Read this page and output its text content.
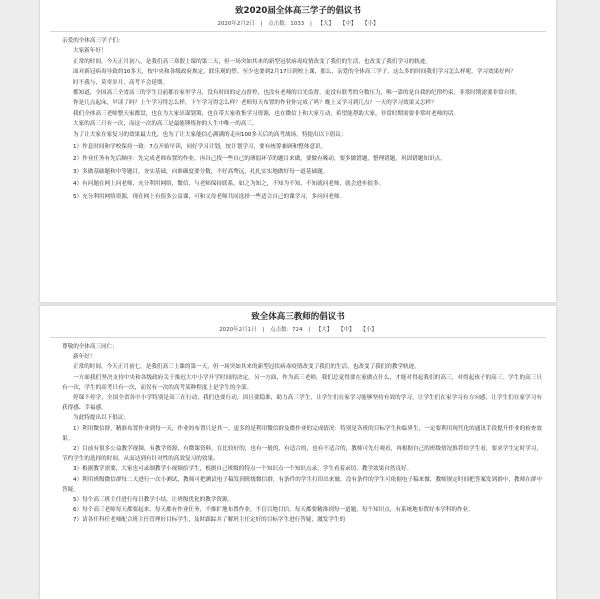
致2020届全体高三学子的倡议书
2020年2月2日 | 点击数：1033 | 【大】 【中】 【小】

亲爱的全体高三学子们：

大家新年好！

正常的时间，今天正月初八，是我们高三寒假上课的第二天，但一场突如其来的新型冠状病毒疫情改变了我们的生活，也改变了我们学习的轨迹。

面对新冠病毒导致的10多天，按中央和各级政府规定，联乐观的塑。至少也要到2月17日到校上课，那么，亲爱的全体高三学子，这么多的时间我们学习怎么样呢，学习效果好吗？

时不我与，莫辜岁月，高考不会延期。

都知道，全国高三全省高三的学生目前都在家里学习，没有时间的定点督控，也没有老师的目光监督，更没有联考的分数压力，唯一靠的是自我的纪律约束，非常时期需要非常自律。

你是几点起床，早读了吗？上午学习得怎么样，下午学习得怎么样？老师每天布置的作业你完成了吗？晚上又学习到几点？一天的学习效果又怎样？

我们全体高三老师整天家都盘，也在为大家出谋划策，也在带大家收集学习资源，也在微信上和大家互动，希望能帮助大家，非常时期需要非常时老师的话。

大家的高三只有一次，而这一次的高三是最能锤炼你的人生中唯一的高三。

为了让大家在家复习的效果最大化，也为了让大家能信心满满的走向100多天后的高考战场，特提出以下倡议：

1）作息时间和学校保持一致：7点开始早读，同好学习计划，按计划学习，要有统筹兼顾和整体意识。

2）作业任务有先后顺序：先完成老师布置的作业，再自己找一些自己的薄弱环节的题目来做，要做有吸动，要多做错题，整理错题，巩固错题知识点。

3）多做基础题和中等题目，夯实基础，向准确度要分数，不好高骛远，扎扎实实地做好每一道基础题。

4）有问题在网上问老师，充分利用网络，微信，与老师保持联系，如之为知之，不知为不知，不知就问老师，就会进步很多。

5）充分利用网络资源，现在网上有很多公益课，可和父母老师共同选择一些适合自己的课学习，多问问老师。

致全体高三教师的倡议书
2020年2月1日 | 点击数：724 | 【大】 【中】 【小】

尊敬的全体高三同仁：

新年好！

正常的时间，今天正月初七，是我们高三上课的第一天，但一场突如其来的新型冠状病毒疫情改变了我们的生活，也改变了我们的教学轨迹。

一方面我们坚决支持中央和各级政府关于推迟大中小学开学时间的决定，另一方面，作为高三老师，我们总觉得要在家做点什么，才能对得起我们的高三，对得起孩子的高三。学生的高三只有一次，学生的高考只有一次，而仅有一次的高考某种程度上是学生的全部。

停课不停学，全国全省各中小学特别是高三在行动，我们也要行动，因且要稳准，助力高三学生，让学生们在家学习能够坚持有效的学习，让学生们在家学习有方向感，让学生们在家学习有获得感、幸福感。

为此特提出以下倡议：

1）利用微信群，精准布置作业到每一天，作业的布置只是其一，更多的是利用微信群及微作业的完成情况：特别是各班的目标学生和临界生，一定要利用现代化的通讯手段提升作业的检查效果。

2）目前有很多公益教学视频，有教学资源，有微课资料，在比较好的，也有一般的，有适合的，也有不适合的，教师可先行观看，再根据自己的班级情况推荐给学生看，要求学生定时学习，节约学生的选择的时间，从而达到有针对性的高效复习的效果。

3）根据教学需要，大家也可录制教学小视频给学生，根据自己班级的特点一个知识点一个知识点录，学生看着录切，教学效果自然良好。

4）利用班级微信群每二天进行一次小测试，教师可把测试电子稿发到班级微信群，有条件的学生打印出来做，没有条件的学生可依据电子稿来做，教师规定时间把答案发到群中，教师在群中答疑。

5）每个高三班主任进行每日教学小结，让班级优化的教学资源。

6）每个高三老师每天都要起来，每天都有作业任务，不推扩地布置作业，不盲目地目信，每天都要精准到每一道题，每个知识点，有系统地布置好本学科的作业。

7）请各任科任老师配合班主任管理好目标学生，及时跟踪并了解班主任定好的目标学生进行答疑，激发学生的
